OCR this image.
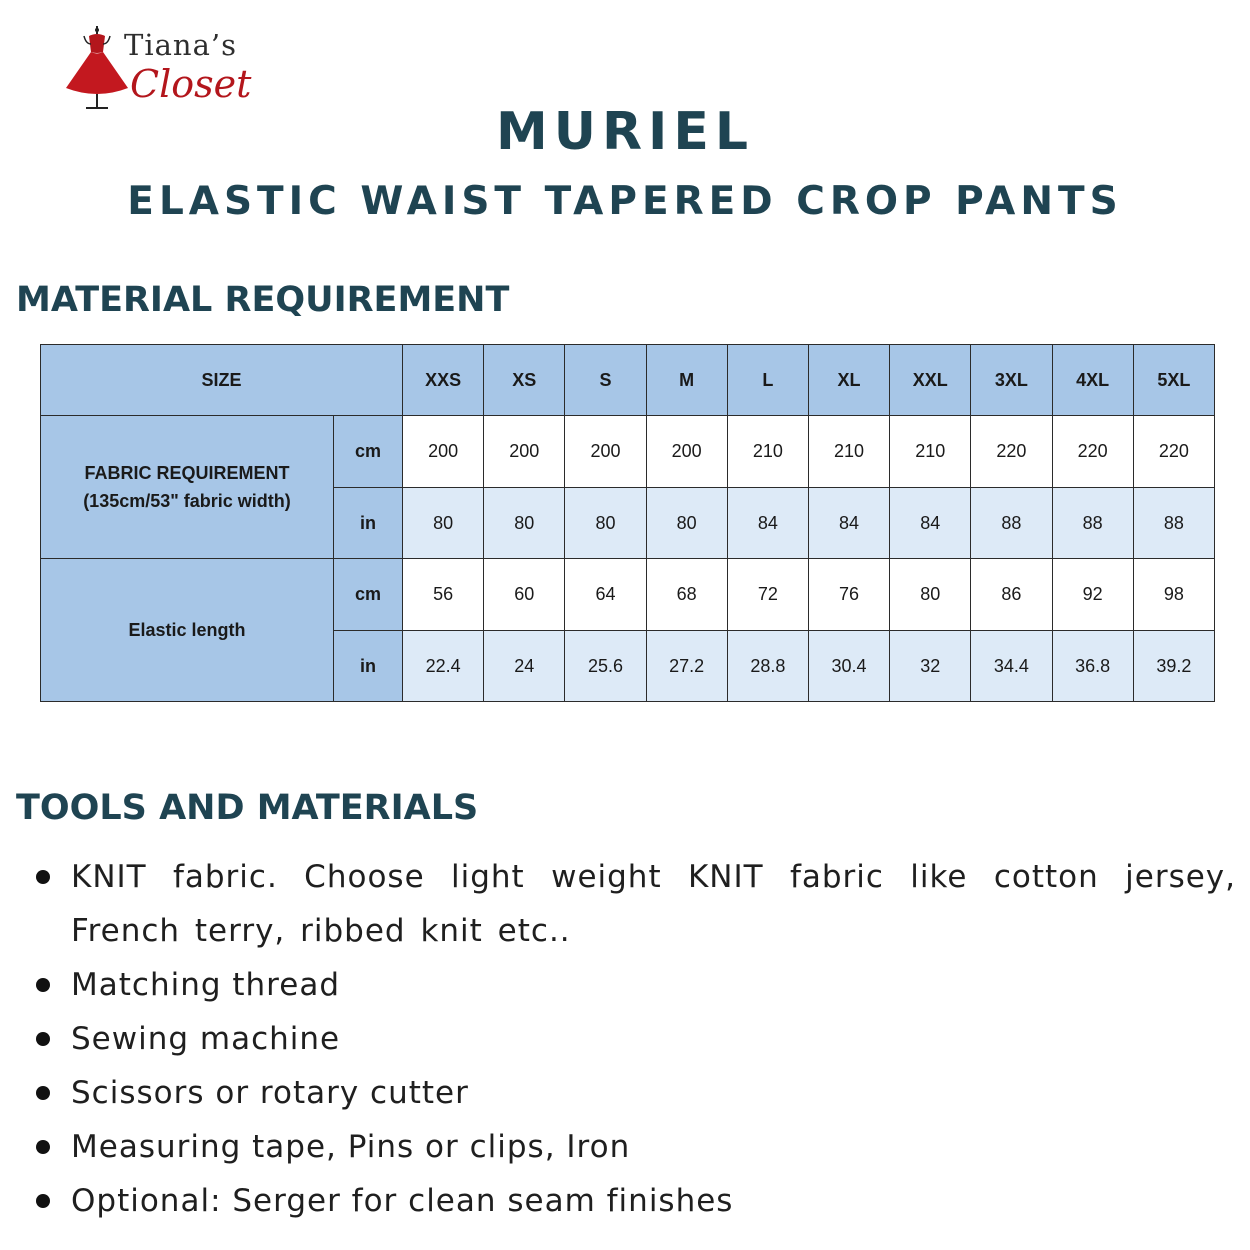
Tiana’s
Closet
MURIEL
ELASTIC WAIST TAPERED CROP PANTS
MATERIAL REQUIREMENT
SIZE		XXS	XS	S	M	L	XL	XXL	3XL	4XL	5XL

FABRIC REQUIREMENT
(135cm/53" fabric width)	cm	200	200	200	200	210	210	210	220	220	220
	in	80	80	80	80	84	84	84	88	88	88
Elastic length	cm	56	60	64	68	72	76	80	86	92	98
	in	22.4	24	25.6	27.2	28.8	30.4	32	34.4	36.8	39.2
TOOLS AND MATERIALS
KNIT fabric. Choose light weight KNIT fabric like cotton jersey, French terry, ribbed knit etc..
Matching thread
Sewing machine
Scissors or rotary cutter
Measuring tape, Pins or clips, Iron
Optional: Serger for clean seam finishes
